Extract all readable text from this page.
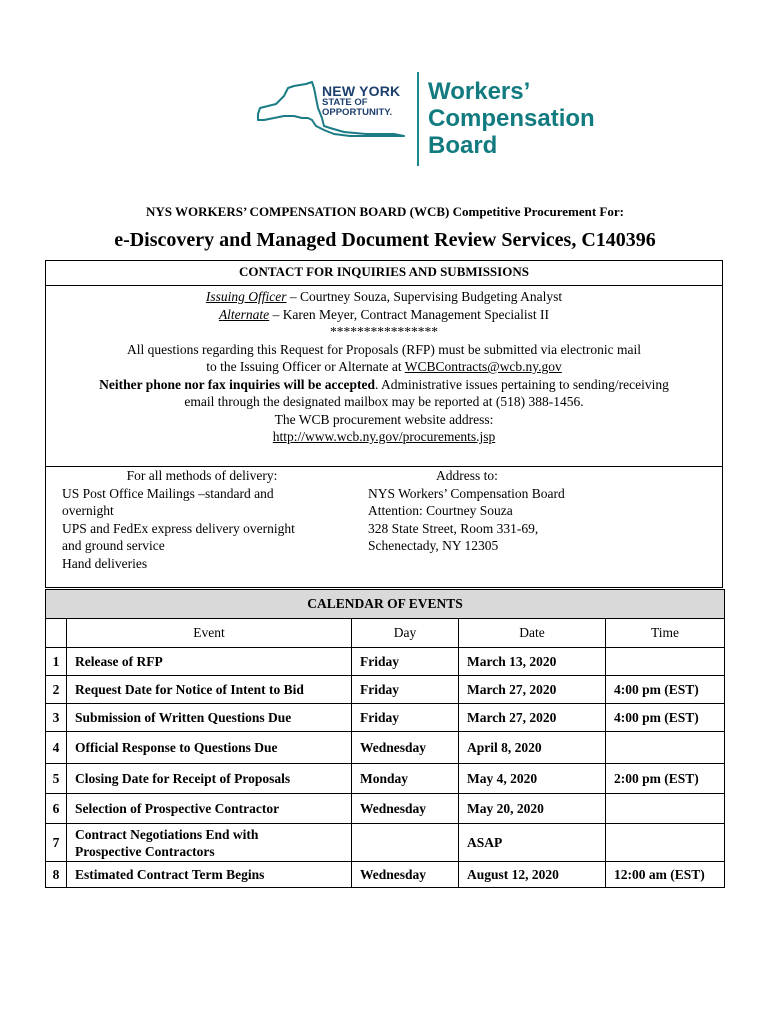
NEW YORK
STATE OF
OPPORTUNITY.
Workers’
Compensation
Board
NYS WORKERS’ COMPENSATION BOARD (WCB) Competitive Procurement For:
e-Discovery and Managed Document Review Services, C140396
CONTACT FOR INQUIRIES AND SUBMISSIONS
Issuing Officer – Courtney Souza, Supervising Budgeting Analyst
Alternate – Karen Meyer, Contract Management Specialist II
****************
All questions regarding this Request for Proposals (RFP) must be submitted via electronic mail
to the Issuing Officer or Alternate at WCBContracts@wcb.ny.gov
Neither phone nor fax inquiries will be accepted. Administrative issues pertaining to sending/receiving
email through the designated mailbox may be reported at (518) 388-1456.
The WCB procurement website address:
http://www.wcb.ny.gov/procurements.jsp
For all methods of delivery:
US Post Office Mailings –standard and
overnight
UPS and FedEx express delivery overnight
and ground service
Hand deliveries
Address to:
NYS Workers’ Compensation Board
Attention: Courtney Souza
328 State Street, Room 331-69,
Schenectady, NY 12305
CALENDAR OF EVENTS				
	Event	Day	Date	Time
1	Release of RFP	Friday	March 13, 2020	
2	Request Date for Notice of Intent to Bid	Friday	March 27, 2020	4:00 pm (EST)
3	Submission of Written Questions Due	Friday	March 27, 2020	4:00 pm (EST)
4	Official Response to Questions Due	Wednesday	April 8, 2020	
5	Closing Date for Receipt of Proposals	Monday	May 4, 2020	2:00 pm (EST)
6	Selection of Prospective Contractor	Wednesday	May 20, 2020	
7	Contract Negotiations End with
Prospective Contractors		ASAP	
8	Estimated Contract Term Begins	Wednesday	August 12, 2020	12:00 am (EST)
